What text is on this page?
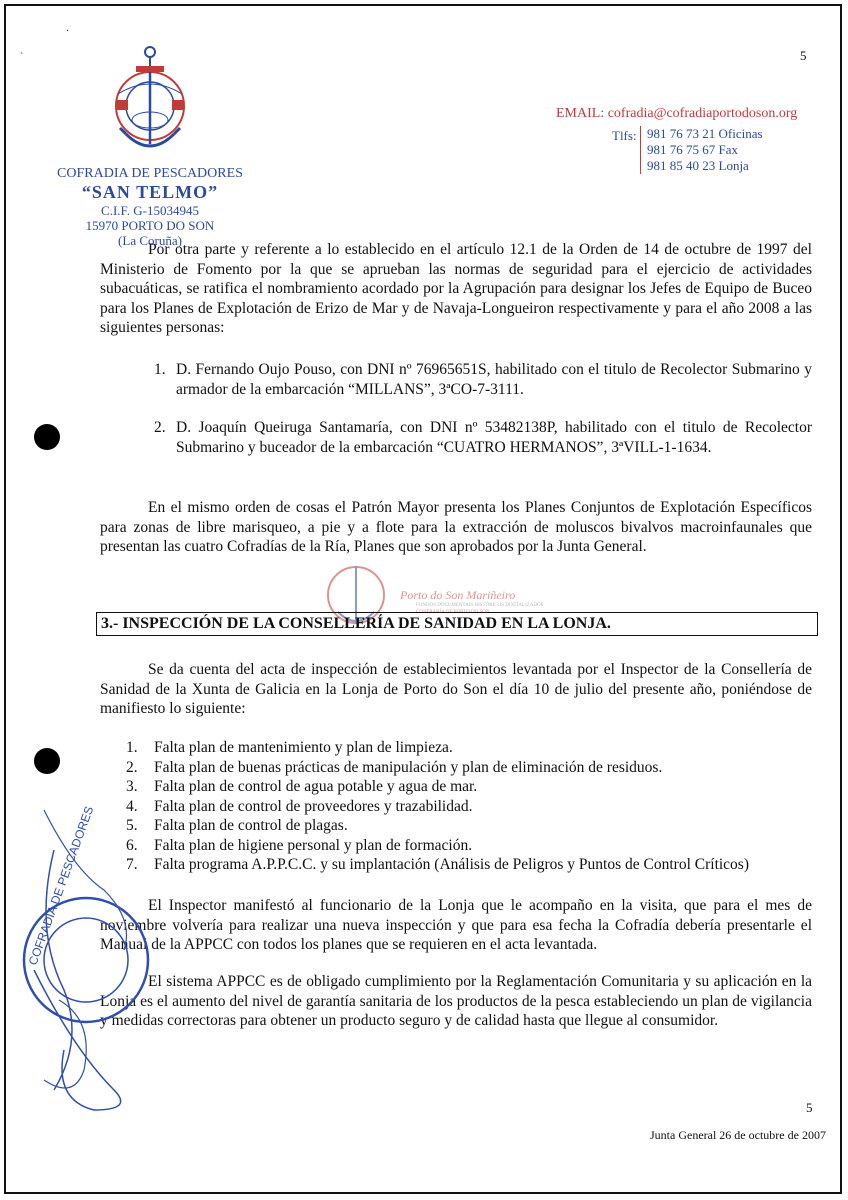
`
·
5
COFRADIA DE PESCADORES
“SAN TELMO”
C.I.F. G-15034945
15970 PORTO DO SON
(La Coruña)
EMAIL: cofradia@cofradiaportodoson.org
Tlfs: 981 76 73 21 Oficinas
981 76 75 67 Fax
981 85 40 23 Lonja
Por otra parte y referente a lo establecido en el artículo 12.1 de la Orden de 14 de octubre de 1997 del Ministerio de Fomento por la que se aprueban las normas de seguridad para el ejercicio de actividades subacuáticas, se ratifica el nombramiento acordado por la Agrupación para designar los Jefes de Equipo de Buceo para los Planes de Explotación de Erizo de Mar y de Navaja-Longueiron respectivamente y para el año 2008 a las siguientes personas:
1. D. Fernando Oujo Pouso, con DNI nº 76965651S, habilitado con el titulo de Recolector Submarino y armador de la embarcación “MILLANS”, 3ªCO-7-3111.
2. D. Joaquín Queiruga Santamaría, con DNI nº 53482138P, habilitado con el titulo de Recolector Submarino y buceador de la embarcación “CUATRO HERMANOS”, 3ªVILL-1-1634.
En el mismo orden de cosas el Patrón Mayor presenta los Planes Conjuntos de Explotación Específicos para zonas de libre marisqueo, a pie y a flote para la extracción de moluscos bivalvos macroinfaunales que presentan las cuatro Cofradías de la Ría, Planes que son aprobados por la Junta General.
Porto do Son Mariñeiro
FONDOS DOCUMENTAIS HISTÓRICOS DIXITALIZADOS
CONFRARÍA DE PORTO DO SON
3.- INSPECCIÓN DE LA CONSELLERÍA DE SANIDAD EN LA LONJA.
Se da cuenta del acta de inspección de establecimientos levantada por el Inspector de la Consellería de Sanidad de la Xunta de Galicia en la Lonja de Porto do Son el día 10 de julio del presente año, poniéndose de manifiesto lo siguiente:
1. Falta plan de mantenimiento y plan de limpieza.
2. Falta plan de buenas prácticas de manipulación y plan de eliminación de residuos.
3. Falta plan de control de agua potable y agua de mar.
4. Falta plan de control de proveedores y trazabilidad.
5. Falta plan de control de plagas.
6. Falta plan de higiene personal y plan de formación.
7. Falta programa A.P.P.C.C. y su implantación (Análisis de Peligros y Puntos de Control Críticos)
El Inspector manifestó al funcionario de la Lonja que le acompaño en la visita, que para el mes de noviembre volvería para realizar una nueva inspección y que para esa fecha la Cofradía debería presentarle el Manual de la APPCC con todos los planes que se requieren en el acta levantada.
El sistema APPCC es de obligado cumplimiento por la Reglamentación Comunitaria y su aplicación en la Lonja es el aumento del nivel de garantía sanitaria de los productos de la pesca estableciendo un plan de vigilancia y medidas correctoras para obtener un producto seguro y de calidad hasta que llegue al consumidor.
COFRADIA DE PESCADORES
5
Junta General 26 de octubre de 2007
